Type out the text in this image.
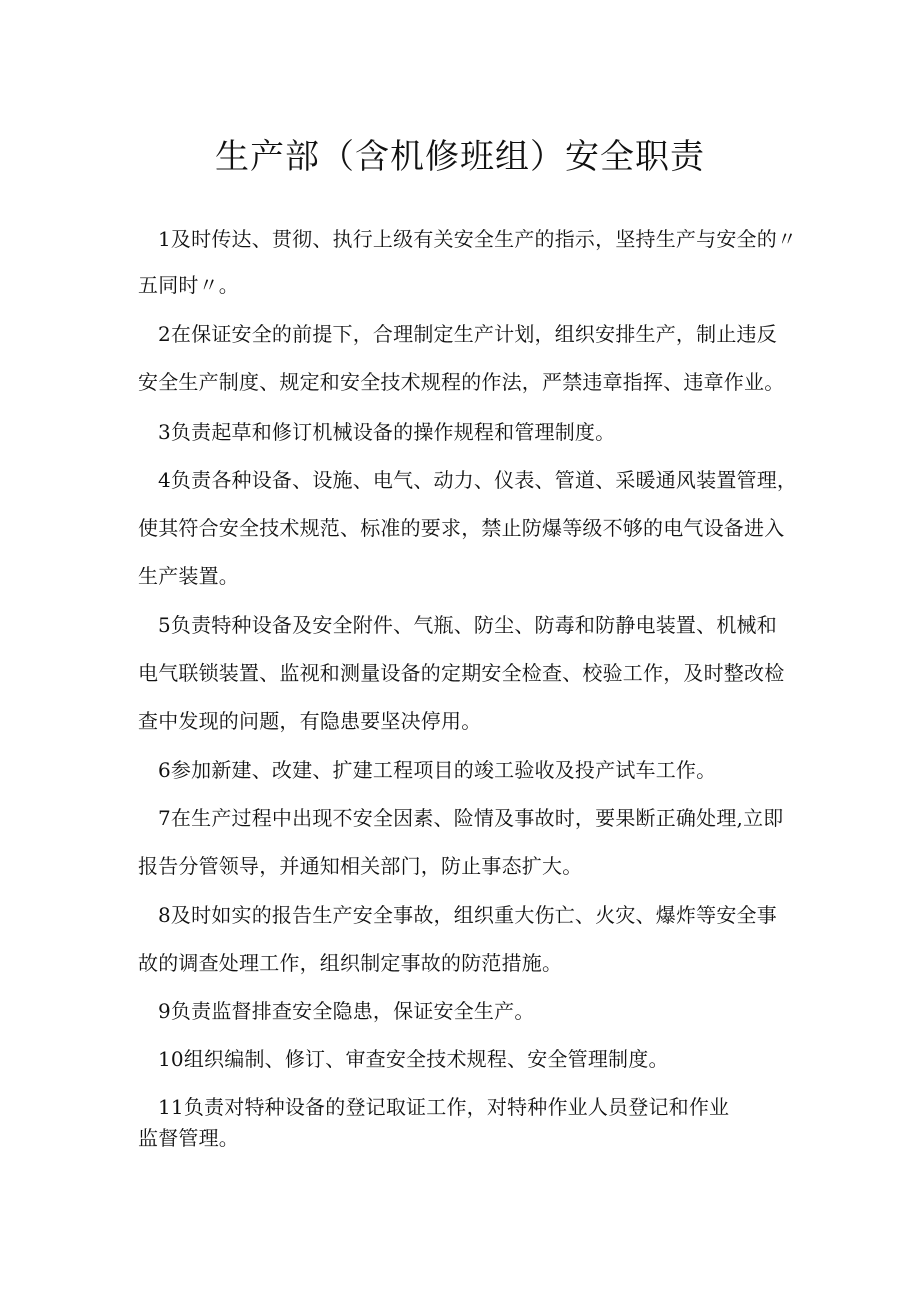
生产部（含机修班组）安全职责
1及时传达、贯彻、执行上级有关安全生产的指示，坚持生产与安全的〃
五同时〃。
2在保证安全的前提下，合理制定生产计划，组织安排生产，制止违反
安全生产制度、规定和安全技术规程的作法，严禁违章指挥、违章作业。
3负责起草和修订机械设备的操作规程和管理制度。
4负责各种设备、设施、电气、动力、仪表、管道、采暖通风装置管理，
使其符合安全技术规范、标准的要求，禁止防爆等级不够的电气设备进入
生产装置。
5负责特种设备及安全附件、气瓶、防尘、防毒和防静电装置、机械和
电气联锁装置、监视和测量设备的定期安全检查、校验工作，及时整改检
查中发现的问题，有隐患要坚决停用。
6参加新建、改建、扩建工程项目的竣工验收及投产试车工作。
7在生产过程中出现不安全因素、险情及事故时，要果断正确处理,立即
报告分管领导，并通知相关部门，防止事态扩大。
8及时如实的报告生产安全事故，组织重大伤亡、火灾、爆炸等安全事
故的调查处理工作，组织制定事故的防范措施。
9负责监督排查安全隐患，保证安全生产。
10组织编制、修订、审查安全技术规程、安全管理制度。
11负责对特种设备的登记取证工作，对特种作业人员登记和作业
监督管理。
